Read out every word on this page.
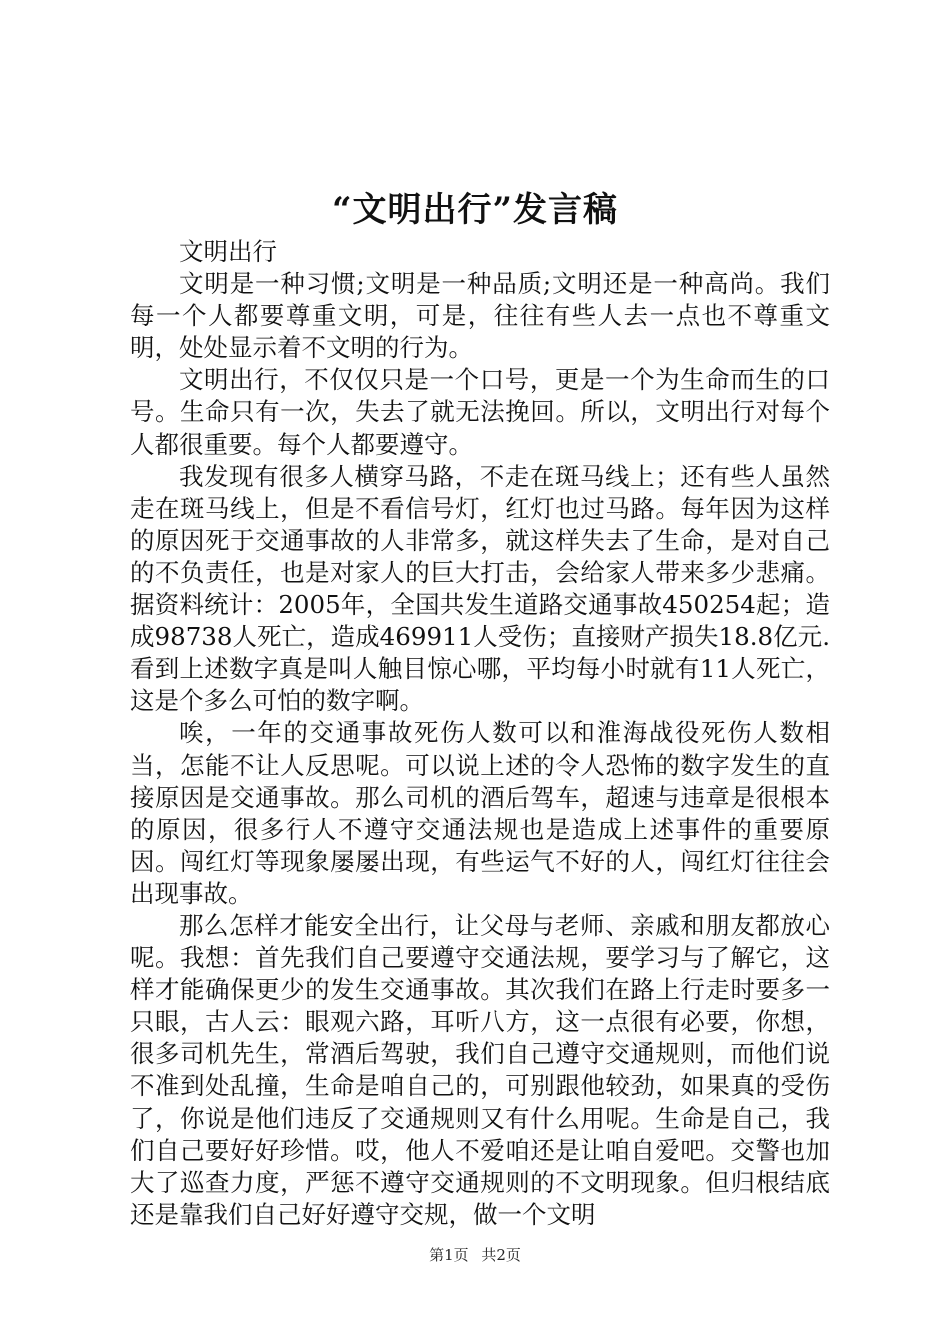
“文明出行”发言稿

文明出行

文明是一种习惯;文明是一种品质;文明还是一种高尚。我们每一个人都要尊重文明，可是，往往有些人去一点也不尊重文明，处处显示着不文明的行为。

文明出行，不仅仅只是一个口号，更是一个为生命而生的口号。生命只有一次，失去了就无法挽回。所以，文明出行对每个人都很重要。每个人都要遵守。

我发现有很多人横穿马路，不走在斑马线上；还有些人虽然走在斑马线上，但是不看信号灯，红灯也过马路。每年因为这样的原因死于交通事故的人非常多，就这样失去了生命，是对自己的不负责任，也是对家人的巨大打击，会给家人带来多少悲痛。据资料统计：2005年，全国共发生道路交通事故450254起；造成98738人死亡，造成469911人受伤；直接财产损失18.8亿元.看到上述数字真是叫人触目惊心哪，平均每小时就有11人死亡，这是个多么可怕的数字啊。

唉，一年的交通事故死伤人数可以和淮海战役死伤人数相当，怎能不让人反思呢。可以说上述的令人恐怖的数字发生的直接原因是交通事故。那么司机的酒后驾车，超速与违章是很根本的原因，很多行人不遵守交通法规也是造成上述事件的重要原因。闯红灯等现象屡屡出现，有些运气不好的人，闯红灯往往会出现事故。

那么怎样才能安全出行，让父母与老师、亲戚和朋友都放心呢。我想：首先我们自己要遵守交通法规，要学习与了解它，这样才能确保更少的发生交通事故。其次我们在路上行走时要多一只眼，古人云：眼观六路，耳听八方，这一点很有必要，你想，很多司机先生，常酒后驾驶，我们自己遵守交通规则，而他们说不准到处乱撞，生命是咱自己的，可别跟他较劲，如果真的受伤了，你说是他们违反了交通规则又有什么用呢。生命是自己，我们自己要好好珍惜。哎，他人不爱咱还是让咱自爱吧。交警也加大了巡查力度，严惩不遵守交通规则的不文明现象。但归根结底还是靠我们自己好好遵守交规，做一个文明

第1页 共2页
